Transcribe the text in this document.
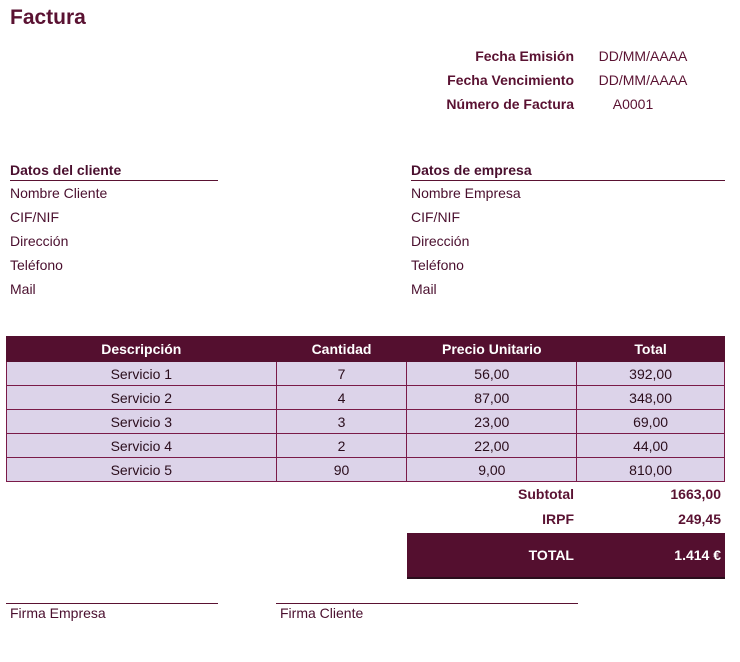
Factura
Fecha Emisión	DD/MM/AAAA
Fecha Vencimiento	DD/MM/AAAA
Número de Factura	A0001
Datos del cliente
Nombre Cliente
CIF/NIF
Dirección
Teléfono
Mail
Datos de empresa
Nombre Empresa
CIF/NIF
Dirección
Teléfono
Mail
Descripción	Cantidad	Precio Unitario	Total
Servicio 1	7	56,00	392,00
Servicio 2	4	87,00	348,00
Servicio 3	3	23,00	69,00
Servicio 4	2	22,00	44,00
Servicio 5	90	9,00	810,00
Subtotal	1663,00
IRPF	249,45
TOTAL	1.414 €
Firma Empresa	Firma Cliente
